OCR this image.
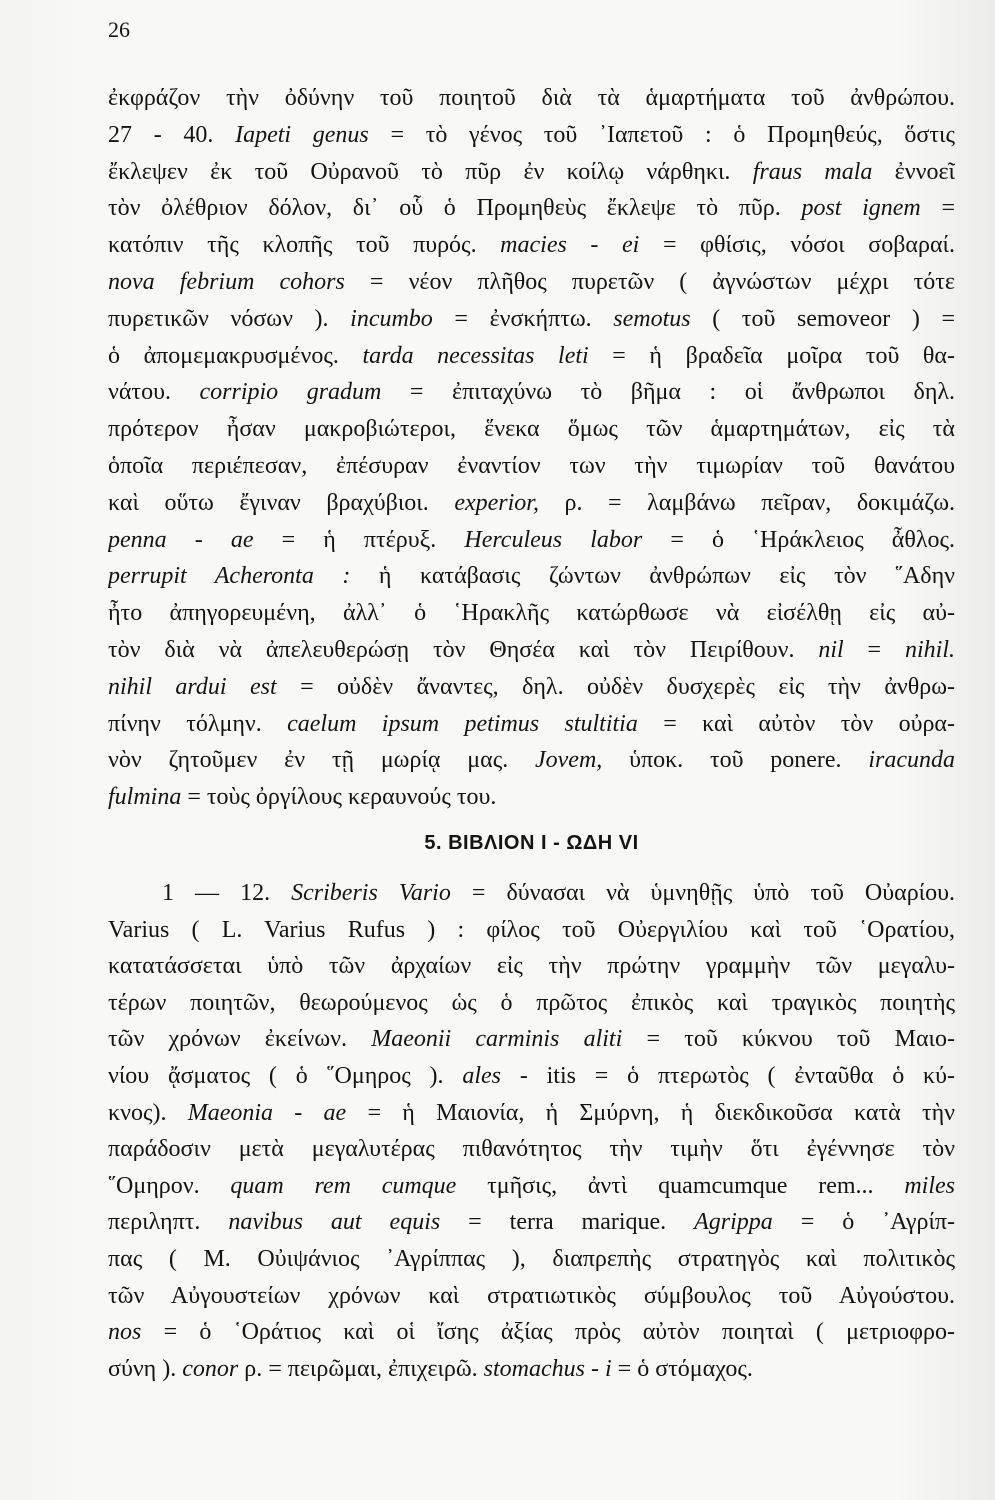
26
ἐκφράζον τὴν ὀδύνην τοῦ ποιητοῦ διὰ τὰ ἁμαρτήματα τοῦ ἀνθρώπου.
27 - 40. Iapeti genus = τὸ γένος τοῦ ᾿Ιαπετοῦ : ὁ Προμηθεύς, ὅστις
ἔκλεψεν ἐκ τοῦ Οὐρανοῦ τὸ πῦρ ἐν κοίλῳ νάρθηκι. fraus mala ἐννοεῖ
τὸν ὀλέθριον δόλον, δι᾿ οὗ ὁ Προμηθεὺς ἔκλεψε τὸ πῦρ. post ignem =
κατόπιν τῆς κλοπῆς τοῦ πυρός. macies - ei = φθίσις, νόσοι σοβαραί.
nova febrium cohors = νέον πλῆθος πυρετῶν ( ἀγνώστων μέχρι τότε
πυρετικῶν νόσων ). incumbo = ἐνσκήπτω. semotus ( τοῦ semoveor ) =
ὁ ἀπομεμακρυσμένος. tarda necessitas leti = ἡ βραδεῖα μοῖρα τοῦ θα-
νάτου. corripio gradum = ἐπιταχύνω τὸ βῆμα : οἱ ἄνθρωποι δηλ.
πρότερον ἦσαν μακροβιώτεροι, ἕνεκα ὅμως τῶν ἁμαρτημάτων, εἰς τὰ
ὁποῖα περιέπεσαν, ἐπέσυραν ἐναντίον των τὴν τιμωρίαν τοῦ θανάτου
καὶ οὕτω ἔγιναν βραχύβιοι. experior, ρ. = λαμβάνω πεῖραν, δοκιμάζω.
penna - ae = ἡ πτέρυξ. Herculeus labor = ὁ ῾Ηράκλειος ἆθλος.
perrupit Acheronta : ἡ κατάβασις ζώντων ἀνθρώπων εἰς τὸν ῞Αδην
ἦτο ἀπηγορευμένη, ἀλλ᾿ ὁ ῾Ηρακλῆς κατώρθωσε νὰ εἰσέλθῃ εἰς αὐ-
τὸν διὰ νὰ ἀπελευθερώσῃ τὸν Θησέα καὶ τὸν Πειρίθουν. nil = nihil.
nihil ardui est = οὐδὲν ἄναντες, δηλ. οὐδὲν δυσχερὲς εἰς τὴν ἀνθρω-
πίνην τόλμην. caelum ipsum petimus stultitia = καὶ αὐτὸν τὸν οὐρα-
νὸν ζητοῦμεν ἐν τῇ μωρίᾳ μας. Jovem, ὑποκ. τοῦ ponere. iracunda
fulmina = τοὺς ὀργίλους κεραυνούς του.
5. ΒΙΒΛΙΟΝ Ι - ΩΔΗ VI
1 — 12. Scriberis Vario = δύνασαι νὰ ὑμνηθῇς ὑπὸ τοῦ Οὐαρίου.
Varius ( L. Varius Rufus ) : φίλος τοῦ Οὐεργιλίου καὶ τοῦ ῾Ορατίου,
κατατάσσεται ὑπὸ τῶν ἀρχαίων εἰς τὴν πρώτην γραμμὴν τῶν μεγαλυ-
τέρων ποιητῶν, θεωρούμενος ὡς ὁ πρῶτος ἐπικὸς καὶ τραγικὸς ποιητὴς
τῶν χρόνων ἐκείνων. Maeonii carminis aliti = τοῦ κύκνου τοῦ Μαιο-
νίου ᾄσματος ( ὁ ῞Ομηρος ). ales - itis = ὁ πτερωτὸς ( ἐνταῦθα ὁ κύ-
κνος). Maeonia - ae = ἡ Μαιονία, ἡ Σμύρνη, ἡ διεκδικοῦσα κατὰ τὴν
παράδοσιν μετὰ μεγαλυτέρας πιθανότητος τὴν τιμὴν ὅτι ἐγέννησε τὸν
῞Ομηρον. quam rem cumque τμῆσις, ἀντὶ quamcumque rem... miles
περιληπτ. navibus aut equis = terra marique. Agrippa = ὁ ᾿Αγρίπ-
πας ( M. Οὐιψάνιος ᾿Αγρίππας ), διαπρεπὴς στρατηγὸς καὶ πολιτικὸς
τῶν Αὐγουστείων χρόνων καὶ στρατιωτικὸς σύμβουλος τοῦ Αὐγούστου.
nos = ὁ ῾Οράτιος καὶ οἱ ἴσης ἀξίας πρὸς αὐτὸν ποιηταὶ ( μετριοφρο-
σύνη ). conor ρ. = πειρῶμαι, ἐπιχειρῶ. stomachus - i = ὁ στόμαχος.
